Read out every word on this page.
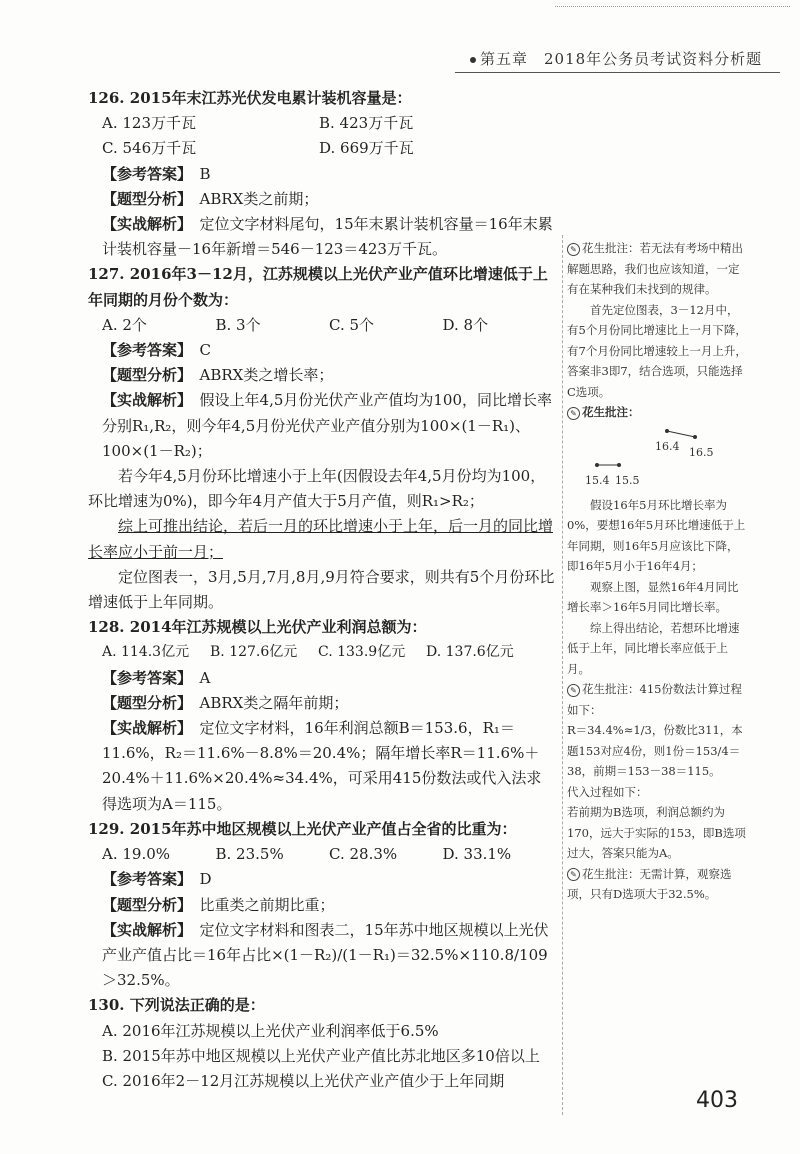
第五章　2018年公务员考试资料分析题

126. 2015年末江苏光伏发电累计装机容量是：

A. 123万千瓦	B. 423万千瓦
C. 546万千瓦	D. 669万千瓦

【参考答案】　 B

【题型分析】　 ABRX类之前期；

【实战解析】　 定位文字材料尾句，15年末累计装机容量＝16年末累计装机容量－16年新增＝546－123＝423万千瓦。

127. 2016年3－12月，江苏规模以上光伏产业产值环比增速低于上年同期的月份个数为：

A. 2个	B. 3个	C. 5个	D. 8个

【参考答案】　 C

【题型分析】　 ABRX类之增长率；

【实战解析】　 假设上年4,5月份光伏产业产值均为100，同比增长率分别R₁,R₂，则今年4,5月份光伏产业产值分别为100×(1－R₁)、100×(1－R₂)；

若今年4,5月份环比增速小于上年(因假设去年4,5月份均为100，环比增速为0%)，即今年4月产值大于5月产值，则R₁>R₂；

综上可推出结论，若后一月的环比增速小于上年，后一月的同比增长率应小于前一月；

定位图表一，3月,5月,7月,8月,9月符合要求，则共有5个月份环比增速低于上年同期。

128. 2014年江苏规模以上光伏产业利润总额为：

A. 114.3亿元	B. 127.6亿元	C. 133.9亿元	D. 137.6亿元

【参考答案】　 A

【题型分析】　 ABRX类之隔年前期；

【实战解析】　 定位文字材料，16年利润总额B＝153.6，R₁＝11.6%，R₂＝11.6%－8.8%＝20.4%；隔年增长率R＝11.6%＋20.4%＋11.6%×20.4%≈34.4%，可采用415份数法或代入法求得选项为A＝115。

129. 2015年苏中地区规模以上光伏产业产值占全省的比重为：

A. 19.0%	B. 23.5%	C. 28.3%	D. 33.1%

【参考答案】　 D

【题型分析】　 比重类之前期比重；

【实战解析】　 定位文字材料和图表二，15年苏中地区规模以上光伏产业产值占比＝16年占比×(1－R₂)/(1－R₁)＝32.5%×110.8/109＞32.5%。

130. 下列说法正确的是：

A. 2016年江苏规模以上光伏产业利润率低于6.5%

B. 2015年苏中地区规模以上光伏产业产值比苏北地区多10倍以上

C. 2016年2－12月江苏规模以上光伏产业产值少于上年同期

✎ 花生批注：若无法有考场中精出解题思路，我们也应该知道，一定有在某种我们未找到的规律。

首先定位图表，3－12月中，有5个月份同比增速比上一月下降，有7个月份同比增速较上一月上升，答案非3即7，结合选项，只能选择C选项。

✎ 花生批注：

16.4 16.5
15.4 15.5

假设16年5月环比增长率为0%，要想16年5月环比增速低于上年同期，则16年5月应该比下降，即16年5月小于16年4月；

观察上图，显然16年4月同比增长率＞16年5月同比增长率。

综上得出结论，若想环比增速低于上年，同比增长率应低于上月。

✎ 花生批注：415份数法计算过程如下：

R＝34.4%≈1/3，份数比311，本题153对应4份，则1份＝153/4＝38，前期＝153－38＝115。

代入过程如下：

若前期为B选项，利润总额约为170，远大于实际的153，即B选项过大，答案只能为A。

✎ 花生批注：无需计算，观察选项，只有D选项大于32.5%。

403
